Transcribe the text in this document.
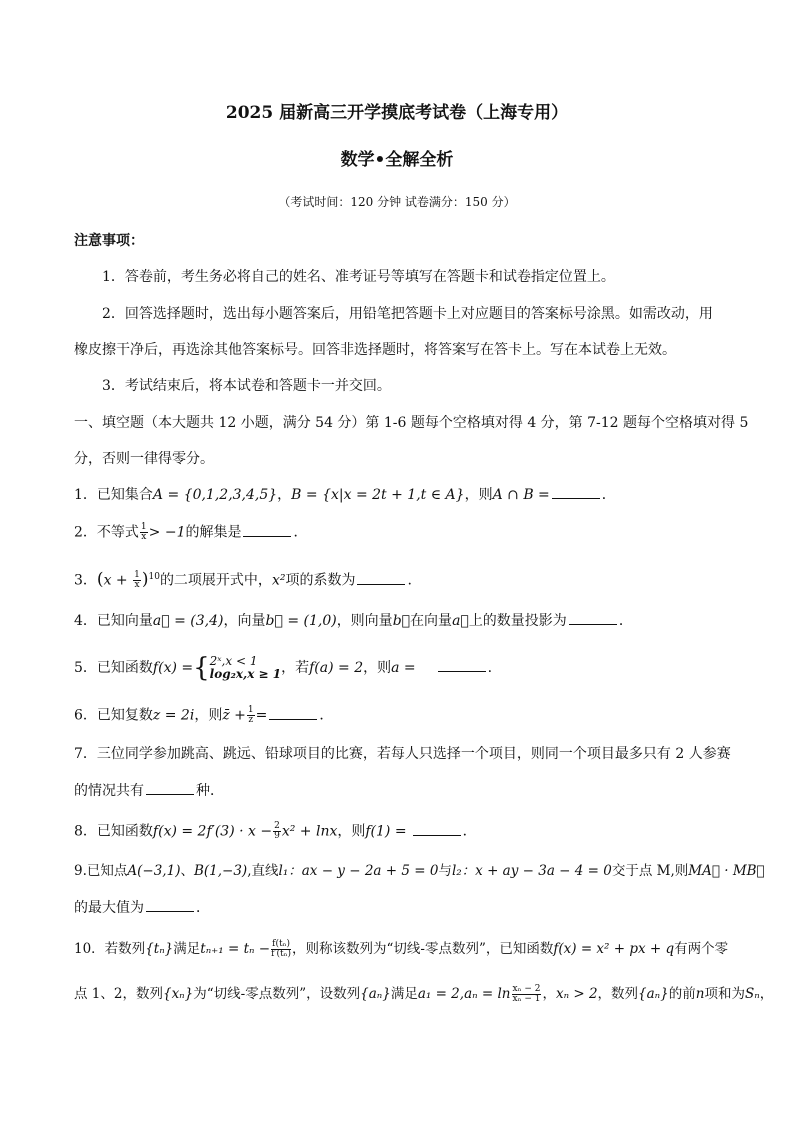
2025 届新高三开学摸底考试卷（上海专用）
数学•全解全析
（考试时间：120 分钟 试卷满分：150 分）
注意事项：
1．答卷前，考生务必将自己的姓名、准考证号等填写在答题卡和试卷指定位置上。
2．回答选择题时，选出每小题答案后，用铅笔把答题卡上对应题目的答案标号涂黑。如需改动，用
橡皮擦干净后，再选涂其他答案标号。回答非选择题时，将答案写在答卡上。写在本试卷上无效。
3．考试结束后，将本试卷和答题卡一并交回。
一、填空题（本大题共 12 小题，满分 54 分）第 1-6 题每个空格填对得 4 分，第 7-12 题每个空格填对得 5
分，否则一律得零分。
1．已知集合A = {0,1,2,3,4,5}，B = {x|x = 2t + 1,t ∈ A}，则A ∩ B =	．
2．不等式 $\frac{1}{x} > -1$的解集是	．
3．$(x + \frac{1}{x} )^{10}$的二项展开式中，x²项的系数为	.
4．已知向量a⃗ = (3,4)，向量b⃗ = (1,0)，则向量b⃗在向量a⃗上的数量投影为	．
5．已知函数f(x) ={ 2ˣ,x < 1
log₂x,x ≥ 1 ，若f(a) = 2，则a =	.
6．已知复数z = 2i，则z̄ + $\frac{1}{z}$ =	．
7．三位同学参加跳高、跳远、铅球项目的比赛，若每人只选择一个项目，则同一个项目最多只有 2 人参赛
的情况共有	种．
8．已知函数$f(x) = 2f'(3) \cdot x - \frac{2}{9} x^2 + \ln x$，则f(1) =	．
9.已知点A(−3,1)、B(1,−3),直线l₁：ax − y − 2a + 5 = 0与l₂：x + ay − 3a − 4 = 0交于点 M,则MA⃗ · MB⃗
的最大值为	．
10．若数列{tₙ}满足$t_{n+1} = t_n - \frac{\text{f(tₙ)}}{\text{f′(tₙ)}}$ ，则称该数列为“切线-零点数列”，已知函数f(x) = x² + px + q有两个零
点 1、2，数列{xₙ}为“切线-零点数列”，设数列{aₙ}满足$a_1 = 2,a_n = \ln \frac{\text{xₙ − 2}}{\text{xₙ − 1}}$ ，xₙ > 2，数列{aₙ}的前n项和为Sₙ，
